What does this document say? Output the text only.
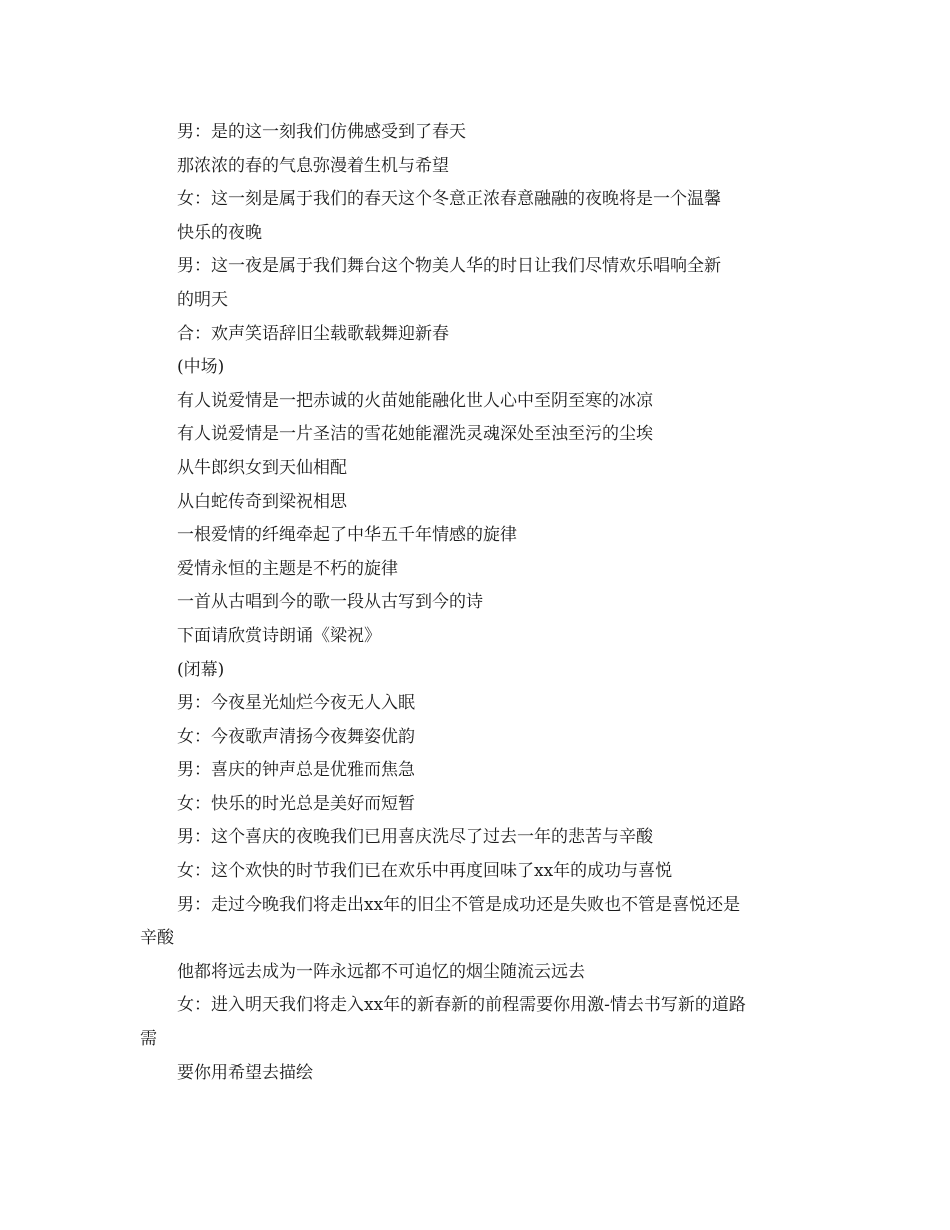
男：是的这一刻我们仿佛感受到了春天
那浓浓的春的气息弥漫着生机与希望
女：这一刻是属于我们的春天这个冬意正浓春意融融的夜晚将是一个温馨
快乐的夜晚
男：这一夜是属于我们舞台这个物美人华的时日让我们尽情欢乐唱响全新
的明天
合：欢声笑语辞旧尘载歌载舞迎新春
(中场)
有人说爱情是一把赤诚的火苗她能融化世人心中至阴至寒的冰凉
有人说爱情是一片圣洁的雪花她能濯洗灵魂深处至浊至污的尘埃
从牛郎织女到天仙相配
从白蛇传奇到梁祝相思
一根爱情的纤绳牵起了中华五千年情感的旋律
爱情永恒的主题是不朽的旋律
一首从古唱到今的歌一段从古写到今的诗
下面请欣赏诗朗诵《梁祝》
(闭幕)
男：今夜星光灿烂今夜无人入眠
女：今夜歌声清扬今夜舞姿优韵
男：喜庆的钟声总是优雅而焦急
女：快乐的时光总是美好而短暂
男：这个喜庆的夜晚我们已用喜庆洗尽了过去一年的悲苦与辛酸
女：这个欢快的时节我们已在欢乐中再度回味了xx年的成功与喜悦
男：走过今晚我们将走出xx年的旧尘不管是成功还是失败也不管是喜悦还是
辛酸
他都将远去成为一阵永远都不可追忆的烟尘随流云远去
女：进入明天我们将走入xx年的新春新的前程需要你用激-情去书写新的道路
需
要你用希望去描绘
